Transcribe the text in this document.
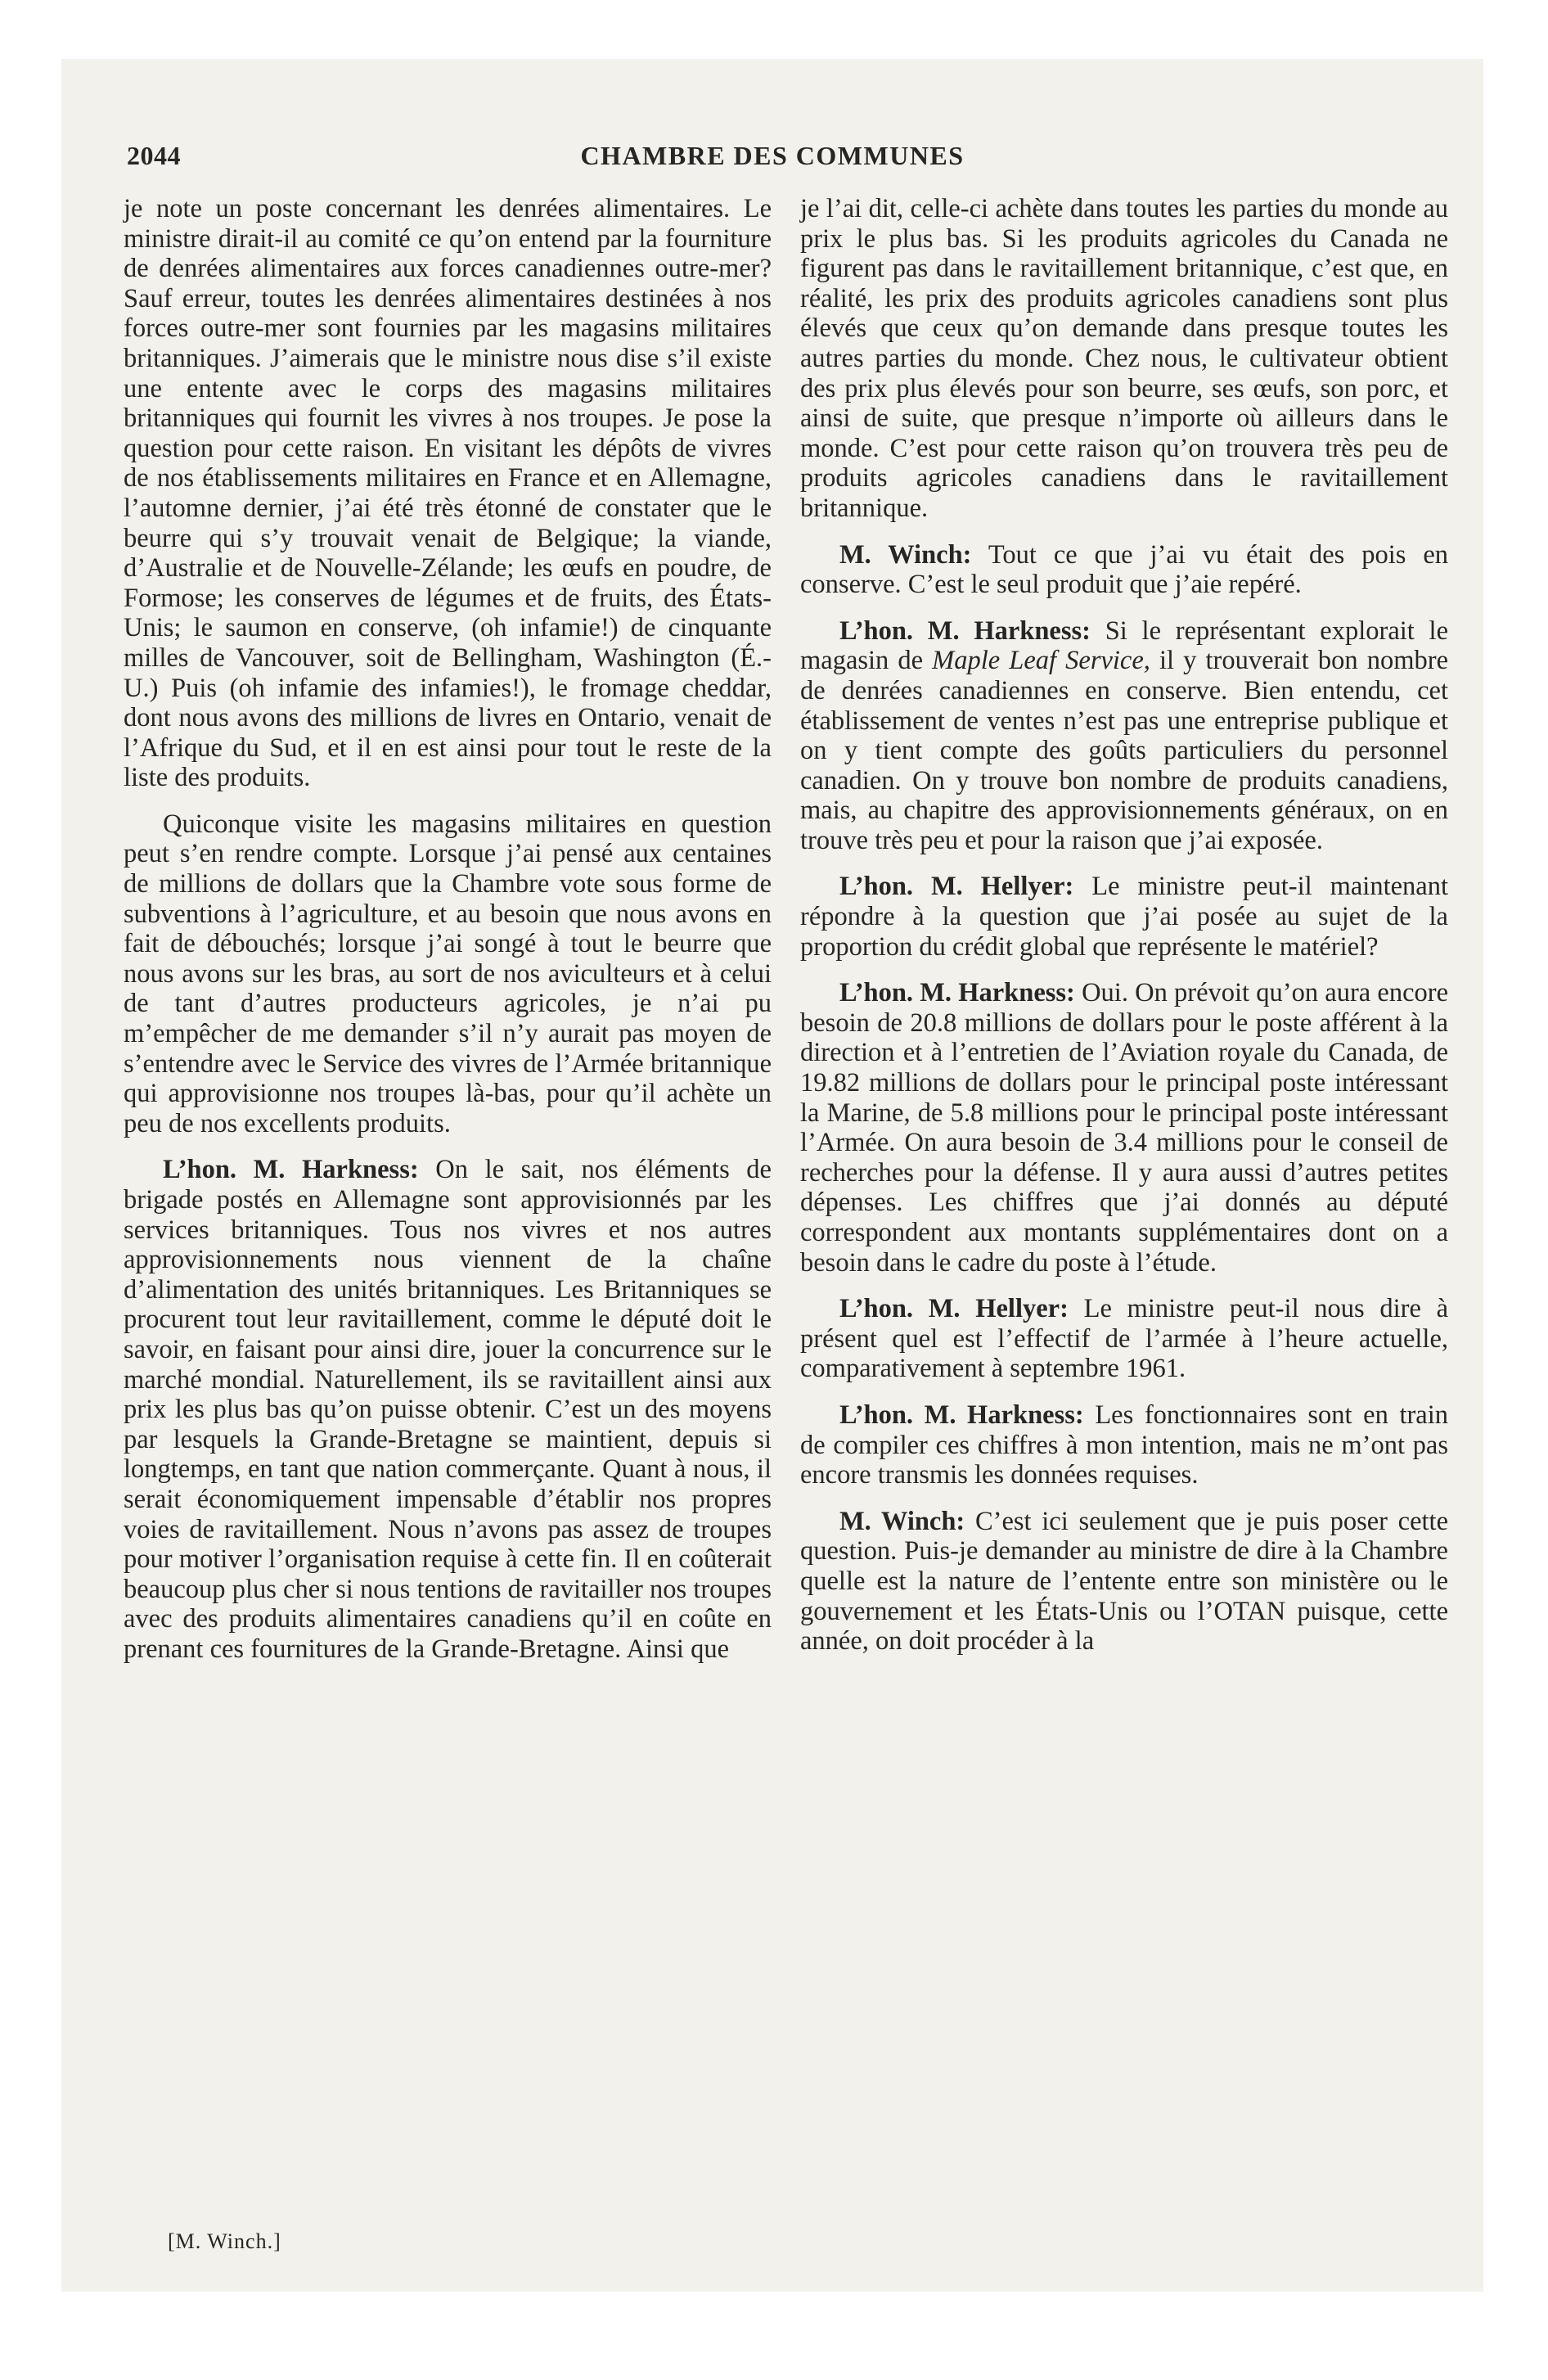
2044	CHAMBRE DES COMMUNES

je note un poste concernant les denrées alimentaires. Le ministre dirait-il au comité ce qu’on entend par la fourniture de denrées alimentaires aux forces canadiennes outre-mer? Sauf erreur, toutes les denrées alimentaires destinées à nos forces outre-mer sont fournies par les magasins militaires britanniques. J’aimerais que le ministre nous dise s’il existe une entente avec le corps des magasins militaires britanniques qui fournit les vivres à nos troupes. Je pose la question pour cette raison. En visitant les dépôts de vivres de nos établissements militaires en France et en Allemagne, l’automne dernier, j’ai été très étonné de constater que le beurre qui s’y trouvait venait de Belgique; la viande, d’Australie et de Nouvelle-Zélande; les œufs en poudre, de Formose; les conserves de légumes et de fruits, des États-Unis; le saumon en conserve, (oh infamie!) de cinquante milles de Vancouver, soit de Bellingham, Washington (É.-U.) Puis (oh infamie des infamies!), le fromage cheddar, dont nous avons des millions de livres en Ontario, venait de l’Afrique du Sud, et il en est ainsi pour tout le reste de la liste des produits.

Quiconque visite les magasins militaires en question peut s’en rendre compte. Lorsque j’ai pensé aux centaines de millions de dollars que la Chambre vote sous forme de subventions à l’agriculture, et au besoin que nous avons en fait de débouchés; lorsque j’ai songé à tout le beurre que nous avons sur les bras, au sort de nos aviculteurs et à celui de tant d’autres producteurs agricoles, je n’ai pu m’empêcher de me demander s’il n’y aurait pas moyen de s’entendre avec le Service des vivres de l’Armée britannique qui approvisionne nos troupes là-bas, pour qu’il achète un peu de nos excellents produits.

L’hon. M. Harkness: On le sait, nos éléments de brigade postés en Allemagne sont approvisionnés par les services britanniques. Tous nos vivres et nos autres approvisionnements nous viennent de la chaîne d’alimentation des unités britanniques. Les Britanniques se procurent tout leur ravitaillement, comme le député doit le savoir, en faisant pour ainsi dire, jouer la concurrence sur le marché mondial. Naturellement, ils se ravitaillent ainsi aux prix les plus bas qu’on puisse obtenir. C’est un des moyens par lesquels la Grande-Bretagne se maintient, depuis si longtemps, en tant que nation commerçante. Quant à nous, il serait économiquement impensable d’établir nos propres voies de ravitaillement. Nous n’avons pas assez de troupes pour motiver l’organisation requise à cette fin. Il en coûterait beaucoup plus cher si nous tentions de ravitailler nos troupes avec des produits alimentaires canadiens qu’il en coûte en prenant ces fournitures de la Grande-Bretagne. Ainsi que

je l’ai dit, celle-ci achète dans toutes les parties du monde au prix le plus bas. Si les produits agricoles du Canada ne figurent pas dans le ravitaillement britannique, c’est que, en réalité, les prix des produits agricoles canadiens sont plus élevés que ceux qu’on demande dans presque toutes les autres parties du monde. Chez nous, le cultivateur obtient des prix plus élevés pour son beurre, ses œufs, son porc, et ainsi de suite, que presque n’importe où ailleurs dans le monde. C’est pour cette raison qu’on trouvera très peu de produits agricoles canadiens dans le ravitaillement britannique.

M. Winch: Tout ce que j’ai vu était des pois en conserve. C’est le seul produit que j’aie repéré.

L’hon. M. Harkness: Si le représentant explorait le magasin de Maple Leaf Service, il y trouverait bon nombre de denrées canadiennes en conserve. Bien entendu, cet établissement de ventes n’est pas une entreprise publique et on y tient compte des goûts particuliers du personnel canadien. On y trouve bon nombre de produits canadiens, mais, au chapitre des approvisionnements généraux, on en trouve très peu et pour la raison que j’ai exposée.

L’hon. M. Hellyer: Le ministre peut-il maintenant répondre à la question que j’ai posée au sujet de la proportion du crédit global que représente le matériel?

L’hon. M. Harkness: Oui. On prévoit qu’on aura encore besoin de 20.8 millions de dollars pour le poste afférent à la direction et à l’entretien de l’Aviation royale du Canada, de 19.82 millions de dollars pour le principal poste intéressant la Marine, de 5.8 millions pour le principal poste intéressant l’Armée. On aura besoin de 3.4 millions pour le conseil de recherches pour la défense. Il y aura aussi d’autres petites dépenses. Les chiffres que j’ai donnés au député correspondent aux montants supplémentaires dont on a besoin dans le cadre du poste à l’étude.

L’hon. M. Hellyer: Le ministre peut-il nous dire à présent quel est l’effectif de l’armée à l’heure actuelle, comparativement à septembre 1961.

L’hon. M. Harkness: Les fonctionnaires sont en train de compiler ces chiffres à mon intention, mais ne m’ont pas encore transmis les données requises.

M. Winch: C’est ici seulement que je puis poser cette question. Puis-je demander au ministre de dire à la Chambre quelle est la nature de l’entente entre son ministère ou le gouvernement et les États-Unis ou l’OTAN puisque, cette année, on doit procéder à la

[M. Winch.]
